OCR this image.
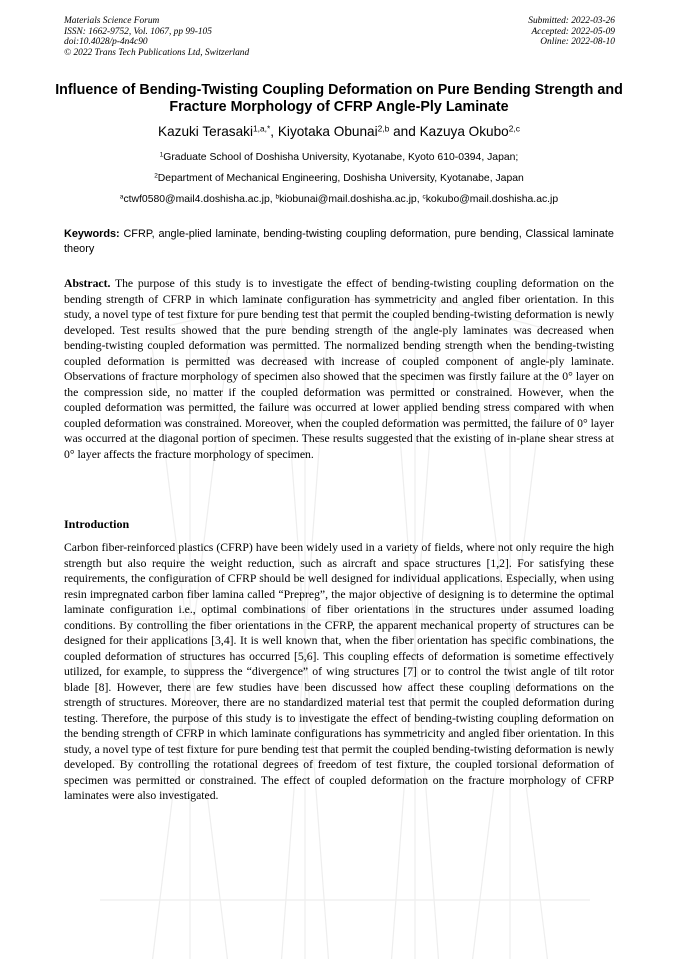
Materials Science Forum
ISSN: 1662-9752, Vol. 1067, pp 99-105
doi:10.4028/p-4n4c90
© 2022 Trans Tech Publications Ltd, Switzerland
Submitted: 2022-03-26
Accepted: 2022-05-09
Online: 2022-08-10
Influence of Bending-Twisting Coupling Deformation on Pure Bending Strength and Fracture Morphology of CFRP Angle-Ply Laminate
Kazuki Terasaki$^{1,a,*}$, Kiyotaka Obunai$^{2,b}$ and Kazuya Okubo$^{2,c}$
$^1$Graduate School of Doshisha University, Kyotanabe, Kyoto 610-0394, Japan;
$^2$Department of Mechanical Engineering, Doshisha University, Kyotanabe, Japan
$^a$ctwf0580@mail4.doshisha.ac.jp, $^b$kiobunai@mail.doshisha.ac.jp, $^c$kokubo@mail.doshisha.ac.jp
Keywords: CFRP, angle-plied laminate, bending-twisting coupling deformation, pure bending, Classical laminate theory

Abstract. The purpose of this study is to investigate the effect of bending-twisting coupling deformation on the bending strength of CFRP in which laminate configuration has symmetricity and angled fiber orientation. In this study, a novel type of test fixture for pure bending test that permit the coupled bending-twisting deformation is newly developed. Test results showed that the pure bending strength of the angle-ply laminates was decreased when bending-twisting coupled deformation was permitted. The normalized bending strength when the bending-twisting coupled deformation is permitted was decreased with increase of coupled component of angle-ply laminate. Observations of fracture morphology of specimen also showed that the specimen was firstly failure at the 0° layer on the compression side, no matter if the coupled deformation was permitted or constrained. However, when the coupled deformation was permitted, the failure was occurred at lower applied bending stress compared with when coupled deformation was constrained. Moreover, when the coupled deformation was permitted, the failure of 0° layer was occurred at the diagonal portion of specimen. These results suggested that the existing of in-plane shear stress at 0° layer affects the fracture morphology of specimen.

Introduction

Carbon fiber-reinforced plastics (CFRP) have been widely used in a variety of fields, where not only require the high strength but also require the weight reduction, such as aircraft and space structures [1,2]. For satisfying these requirements, the configuration of CFRP should be well designed for individual applications. Especially, when using resin impregnated carbon fiber lamina called “Prepreg”, the major objective of designing is to determine the optimal laminate configuration i.e., optimal combinations of fiber orientations in the structures under assumed loading conditions. By controlling the fiber orientations in the CFRP, the apparent mechanical property of structures can be designed for their applications [3,4]. It is well known that, when the fiber orientation has specific combinations, the coupled deformation of structures has occurred [5,6]. This coupling effects of deformation is sometime effectively utilized, for example, to suppress the “divergence” of wing structures [7] or to control the twist angle of tilt rotor blade [8]. However, there are few studies have been discussed how affect these coupling deformations on the strength of structures. Moreover, there are no standardized material test that permit the coupled deformation during testing. Therefore, the purpose of this study is to investigate the effect of bending-twisting coupling deformation on the bending strength of CFRP in which laminate configurations has symmetricity and angled fiber orientation. In this study, a novel type of test fixture for pure bending test that permit the coupled bending-twisting deformation is newly developed. By controlling the rotational degrees of freedom of test fixture, the coupled torsional deformation of specimen was permitted or constrained. The effect of coupled deformation on the fracture morphology of CFRP laminates were also investigated.
